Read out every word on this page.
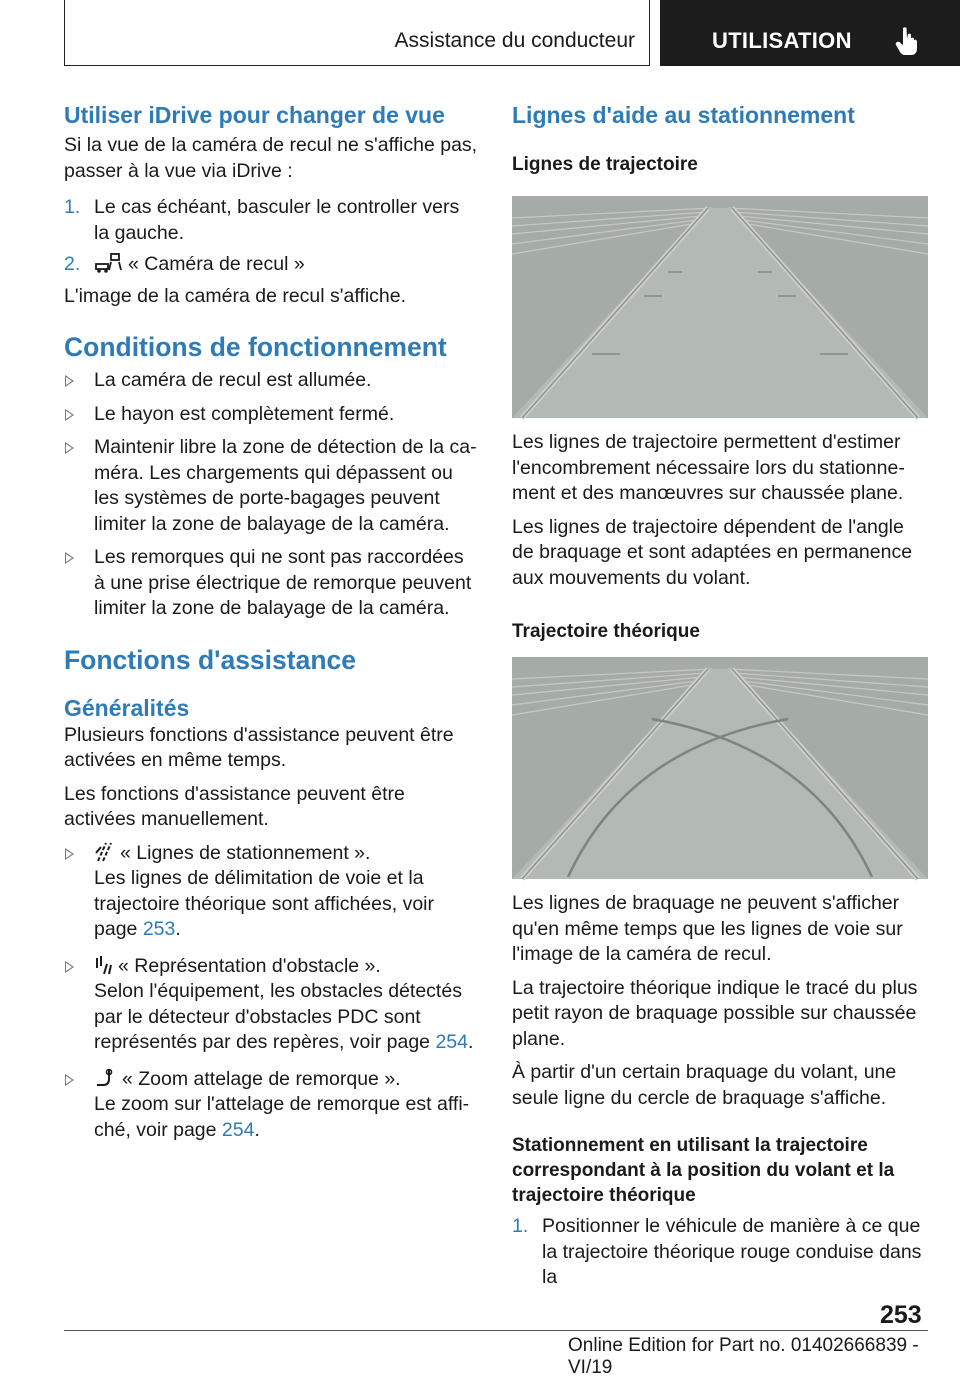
Assistance du conducteur	UTILISATION
Utiliser iDrive pour changer de vue

Si la vue de la caméra de recul ne s'affiche pas, passer à la vue via iDrive :

1. Le cas échéant, basculer le controller vers la gauche.
2. « Caméra de recul »

L'image de la caméra de recul s'affiche.

Conditions de fonctionnement
La caméra de recul est allumée.
Le hayon est complètement fermé.
Maintenir libre la zone de détection de la caméra. Les chargements qui dépassent ou les systèmes de porte-bagages peuvent limiter la zone de balayage de la caméra.
Les remorques qui ne sont pas raccordées à une prise électrique de remorque peuvent limiter la zone de balayage de la caméra.
Fonctions d'assistance
Généralités

Plusieurs fonctions d'assistance peuvent être activées en même temps.

Les fonctions d'assistance peuvent être activées manuellement.

« Lignes de stationnement ».
Les lignes de délimitation de voie et la trajectoire théorique sont affichées, voir page 253.
« Représentation d'obstacle ».
Selon l'équipement, les obstacles détectés par le détecteur d'obstacles PDC sont représentés par des repères, voir page 254.
« Zoom attelage de remorque ».
Le zoom sur l'attelage de remorque est affiché, voir page 254.
Lignes d'aide au stationnement
Lignes de trajectoire

Les lignes de trajectoire permettent d'estimer l'encombrement nécessaire lors du stationnement et des manœuvres sur chaussée plane.

Les lignes de trajectoire dépendent de l'angle de braquage et sont adaptées en permanence aux mouvements du volant.

Trajectoire théorique

Les lignes de braquage ne peuvent s'afficher qu'en même temps que les lignes de voie sur l'image de la caméra de recul.

La trajectoire théorique indique le tracé du plus petit rayon de braquage possible sur chaussée plane.

À partir d'un certain braquage du volant, une seule ligne du cercle de braquage s'affiche.

Stationnement en utilisant la trajectoire correspondant à la position du volant et la trajectoire théorique
1. Positionner le véhicule de manière à ce que la trajectoire théorique rouge conduise dans la
253
Online Edition for Part no. 01402666839 - VI/19
